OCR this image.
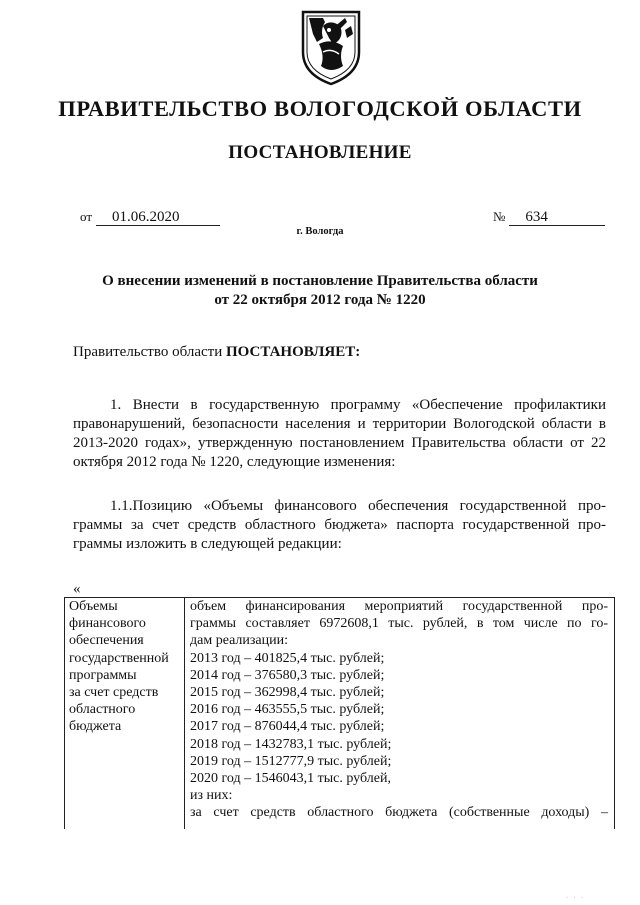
ПРАВИТЕЛЬСТВО ВОЛОГОДСКОЙ ОБЛАСТИ
ПОСТАНОВЛЕНИЕ
от 01.06.2020	№ 634
г. Вологда
О внесении изменений в постановление Правительства области
от 22 октября 2012 года № 1220
Правительство области ПОСТАНОВЛЯЕТ:
1. Внести в государственную программу «Обеспечение профилактики
правонарушений, безопасности населения и территории Вологодской области в
2013-2020 годах», утвержденную постановлением Правительства области от 22
октября 2012 года № 1220, следующие изменения:
1.1.Позицию «Объемы финансового обеспечения государственной про-
граммы за счет средств областного бюджета» паспорта государственной про-
граммы изложить в следующей редакции:
«
Объемы
финансового
обеспечения
государственной
программы
за счет средств
областного
бюджета
объем финансирования мероприятий государственной про-
граммы составляет 6972608,1 тыс. рублей, в том числе по го-
дам реализации:
2013 год – 401825,4 тыс. рублей;
2014 год – 376580,3 тыс. рублей;
2015 год – 362998,4 тыс. рублей;
2016 год – 463555,5 тыс. рублей;
2017 год – 876044,4 тыс. рублей;
2018 год – 1432783,1 тыс. рублей;
2019 год – 1512777,9 тыс. рублей;
2020 год – 1546043,1 тыс. рублей,
из них:
за счет средств областного бюджета (собственные доходы) –
· · ·
